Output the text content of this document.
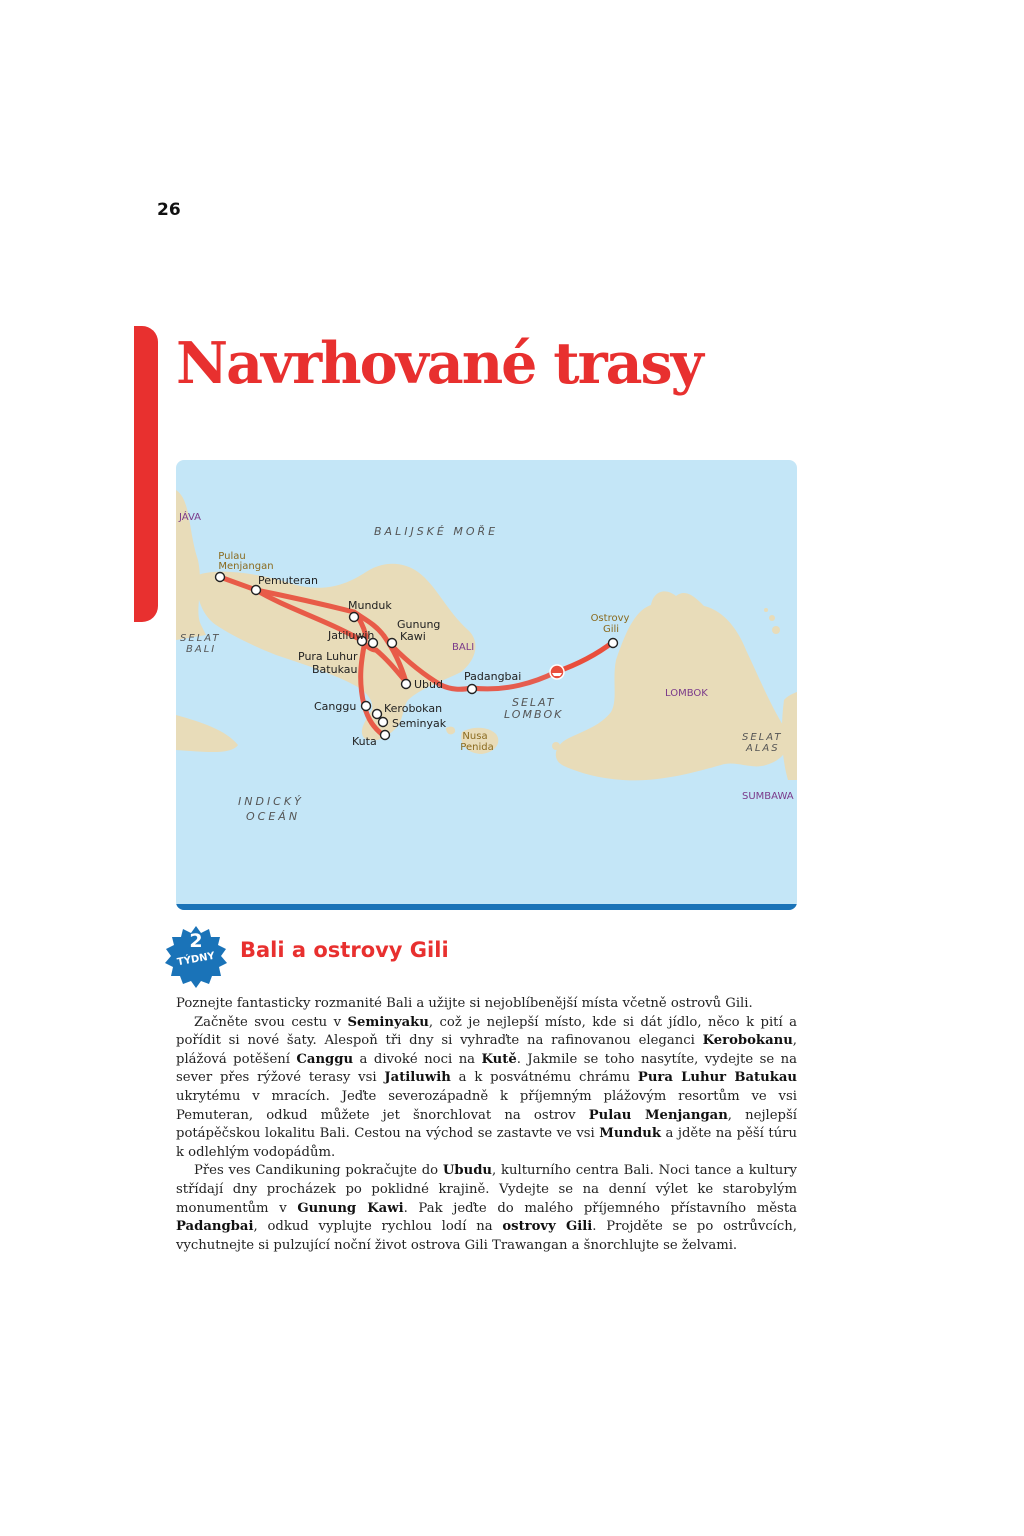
26
Navrhované trasy
BALIJSKÉ MOŘE
SELAT
BALI
SELAT
LOMBOK
SELAT
ALAS
INDICKÝ
OCEÁN
JÁVA
BALI
LOMBOK
SUMBAWA
Pulau
Menjangan
Pemuteran
Munduk
Jatiluwih
Gunung
Kawi
Pura Luhur
Batukau
Ubud
Padangbai
Canggu	Kerobokan
Seminyak
Kuta	Nusa
Penida
Ostrovy
Gili
2
TÝDNY	Bali a ostrovy Gili

Poznejte fantasticky rozmanité Bali a užijte si nejoblíbenější místa včetně ostrovů Gili.

Začněte svou cestu v Seminyaku, což je nejlepší místo, kde si dát jídlo, něco k pití a pořídit si nové šaty. Alespoň tři dny si vyhraďte na rafinovanou eleganci Kerobokanu, plážová potěšení Canggu a divoké noci na Kutě. Jakmile se toho nasytíte, vydejte se na sever přes rýžové terasy vsi Jatiluwih a k posvátnému chrámu Pura Luhur Batukau ukrytému v mracích. Jeďte severozápadně k příjemným plážovým resortům ve vsi Pemuteran, odkud můžete jet šnorchlovat na ostrov Pulau Menjangan, nejlepší potápěčskou lokalitu Bali. Cestou na východ se zastavte ve vsi Munduk a jděte na pěší túru k odlehlým vodopádům.

Přes ves Candikuning pokračujte do Ubudu, kulturního centra Bali. Noci tance a kultury střídají dny procházek po poklidné krajině. Vydejte se na denní výlet ke starobylým monumentům v Gunung Kawi. Pak jeďte do malého příjemného přístavního města Padangbai, odkud vyplujte rychlou lodí na ostrovy Gili. Projděte se po ostrůvcích, vychutnejte si pulzující noční život ostrova Gili Trawangan a šnorchlujte se želvami.
